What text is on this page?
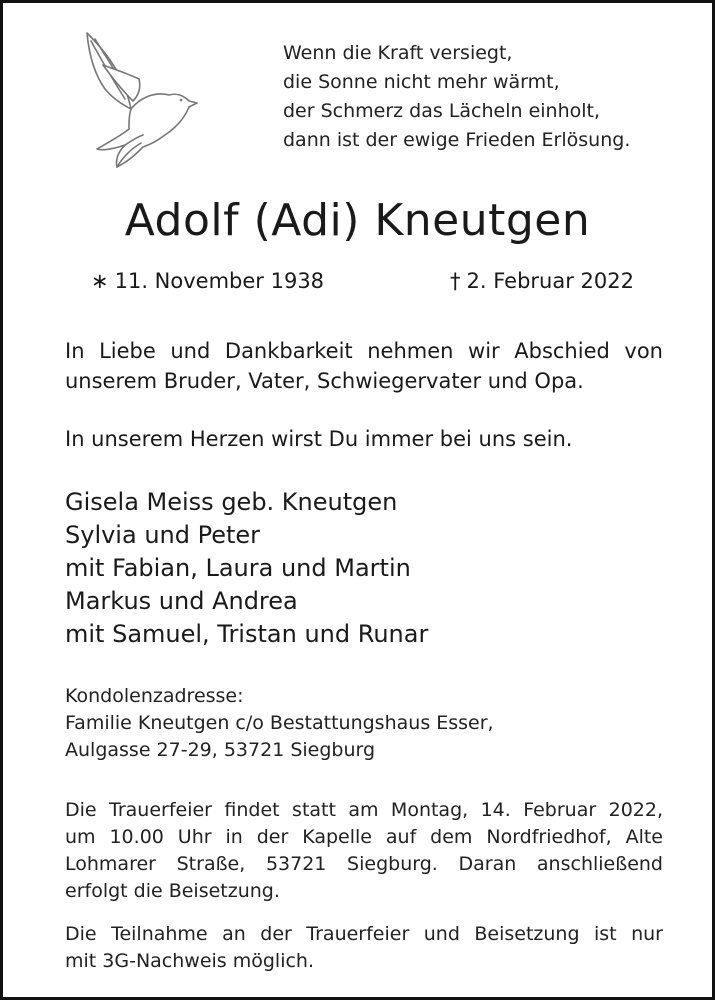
Wenn die Kraft versiegt,
die Sonne nicht mehr wärmt,
der Schmerz das Lächeln einholt,
dann ist der ewige Frieden Erlösung.
Adolf (Adi) Kneutgen
∗ 11. November 1938	† 2. Februar 2022
In Liebe und Dankbarkeit nehmen wir Abschied von
unserem Bruder, Vater, Schwiegervater und Opa.
In unserem Herzen wirst Du immer bei uns sein.
Gisela Meiss geb. Kneutgen
Sylvia und Peter
mit Fabian, Laura und Martin
Markus und Andrea
mit Samuel, Tristan und Runar
Kondolenzadresse:
Familie Kneutgen c/o Bestattungshaus Esser,
Aulgasse 27-29, 53721 Siegburg
Die Trauerfeier findet statt am Montag, 14. Februar 2022,
um 10.00 Uhr in der Kapelle auf dem Nordfriedhof, Alte
Lohmarer Straße, 53721 Siegburg. Daran anschließend
erfolgt die Beisetzung.
Die Teilnahme an der Trauerfeier und Beisetzung ist nur
mit 3G-Nachweis möglich.
